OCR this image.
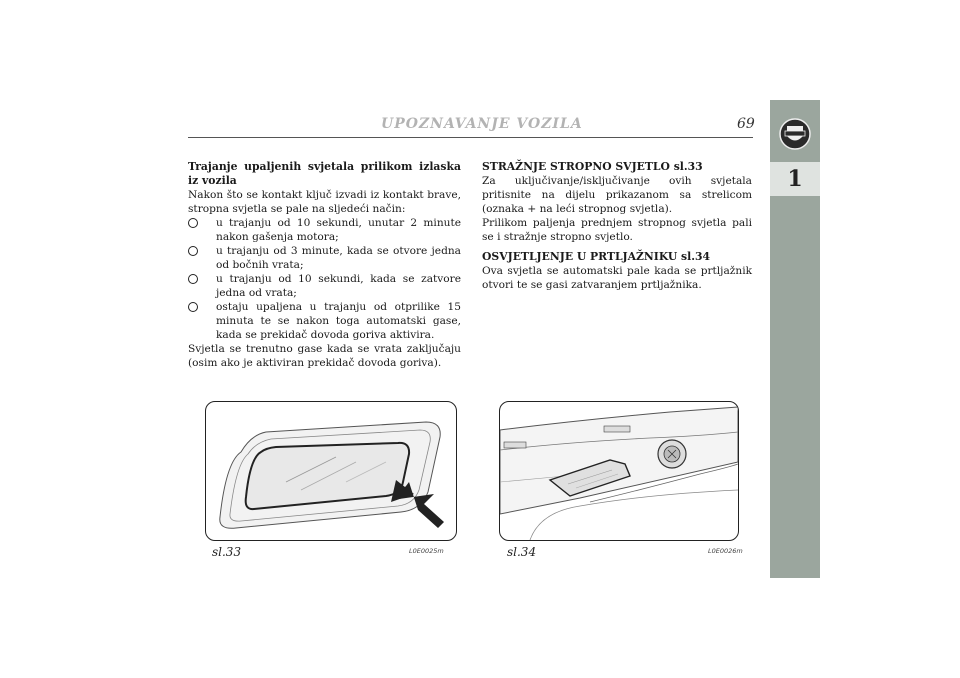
UPOZNAVANJE VOZILA	69
1

Trajanje upaljenih svjetala prilikom izlaska iz vozila

Nakon što se kontakt ključ izvadi iz kontakt brave, stropna svjetla se pale na sljedeći način:

u trajanju od 10 sekundi, unutar 2 minute nakon gašenja motora;
u trajanju od 3 minute, kada se otvore jedna od bočnih vrata;
u trajanju od 10 sekundi, kada se zatvore jedna od vrata;
ostaju upaljena u trajanju od otprilike 15 minuta te se nakon toga automatski gase, kada se prekidač dovoda goriva aktivira.

Svjetla se trenutno gase kada se vrata zaključaju (osim ako je aktiviran prekidač dovoda goriva).

STRAŽNJE STROPNO SVJETLO sl.33

Za uključivanje/isključivanje ovih svjetala pritisnite na dijelu prikazanom sa strelicom (oznaka + na leći stropnog svjetla).

Prilikom paljenja prednjem stropnog svjetla pali se i stražnje stropno svjetlo.

OSVJETLJENJE U PRTLJAŽNIKU sl.34

Ova svjetla se automatski pale kada se prtljažnik otvori te se gasi zatvaranjem prtljažnika.

sl.33	L0E0025m	sl.34	L0E0026m
